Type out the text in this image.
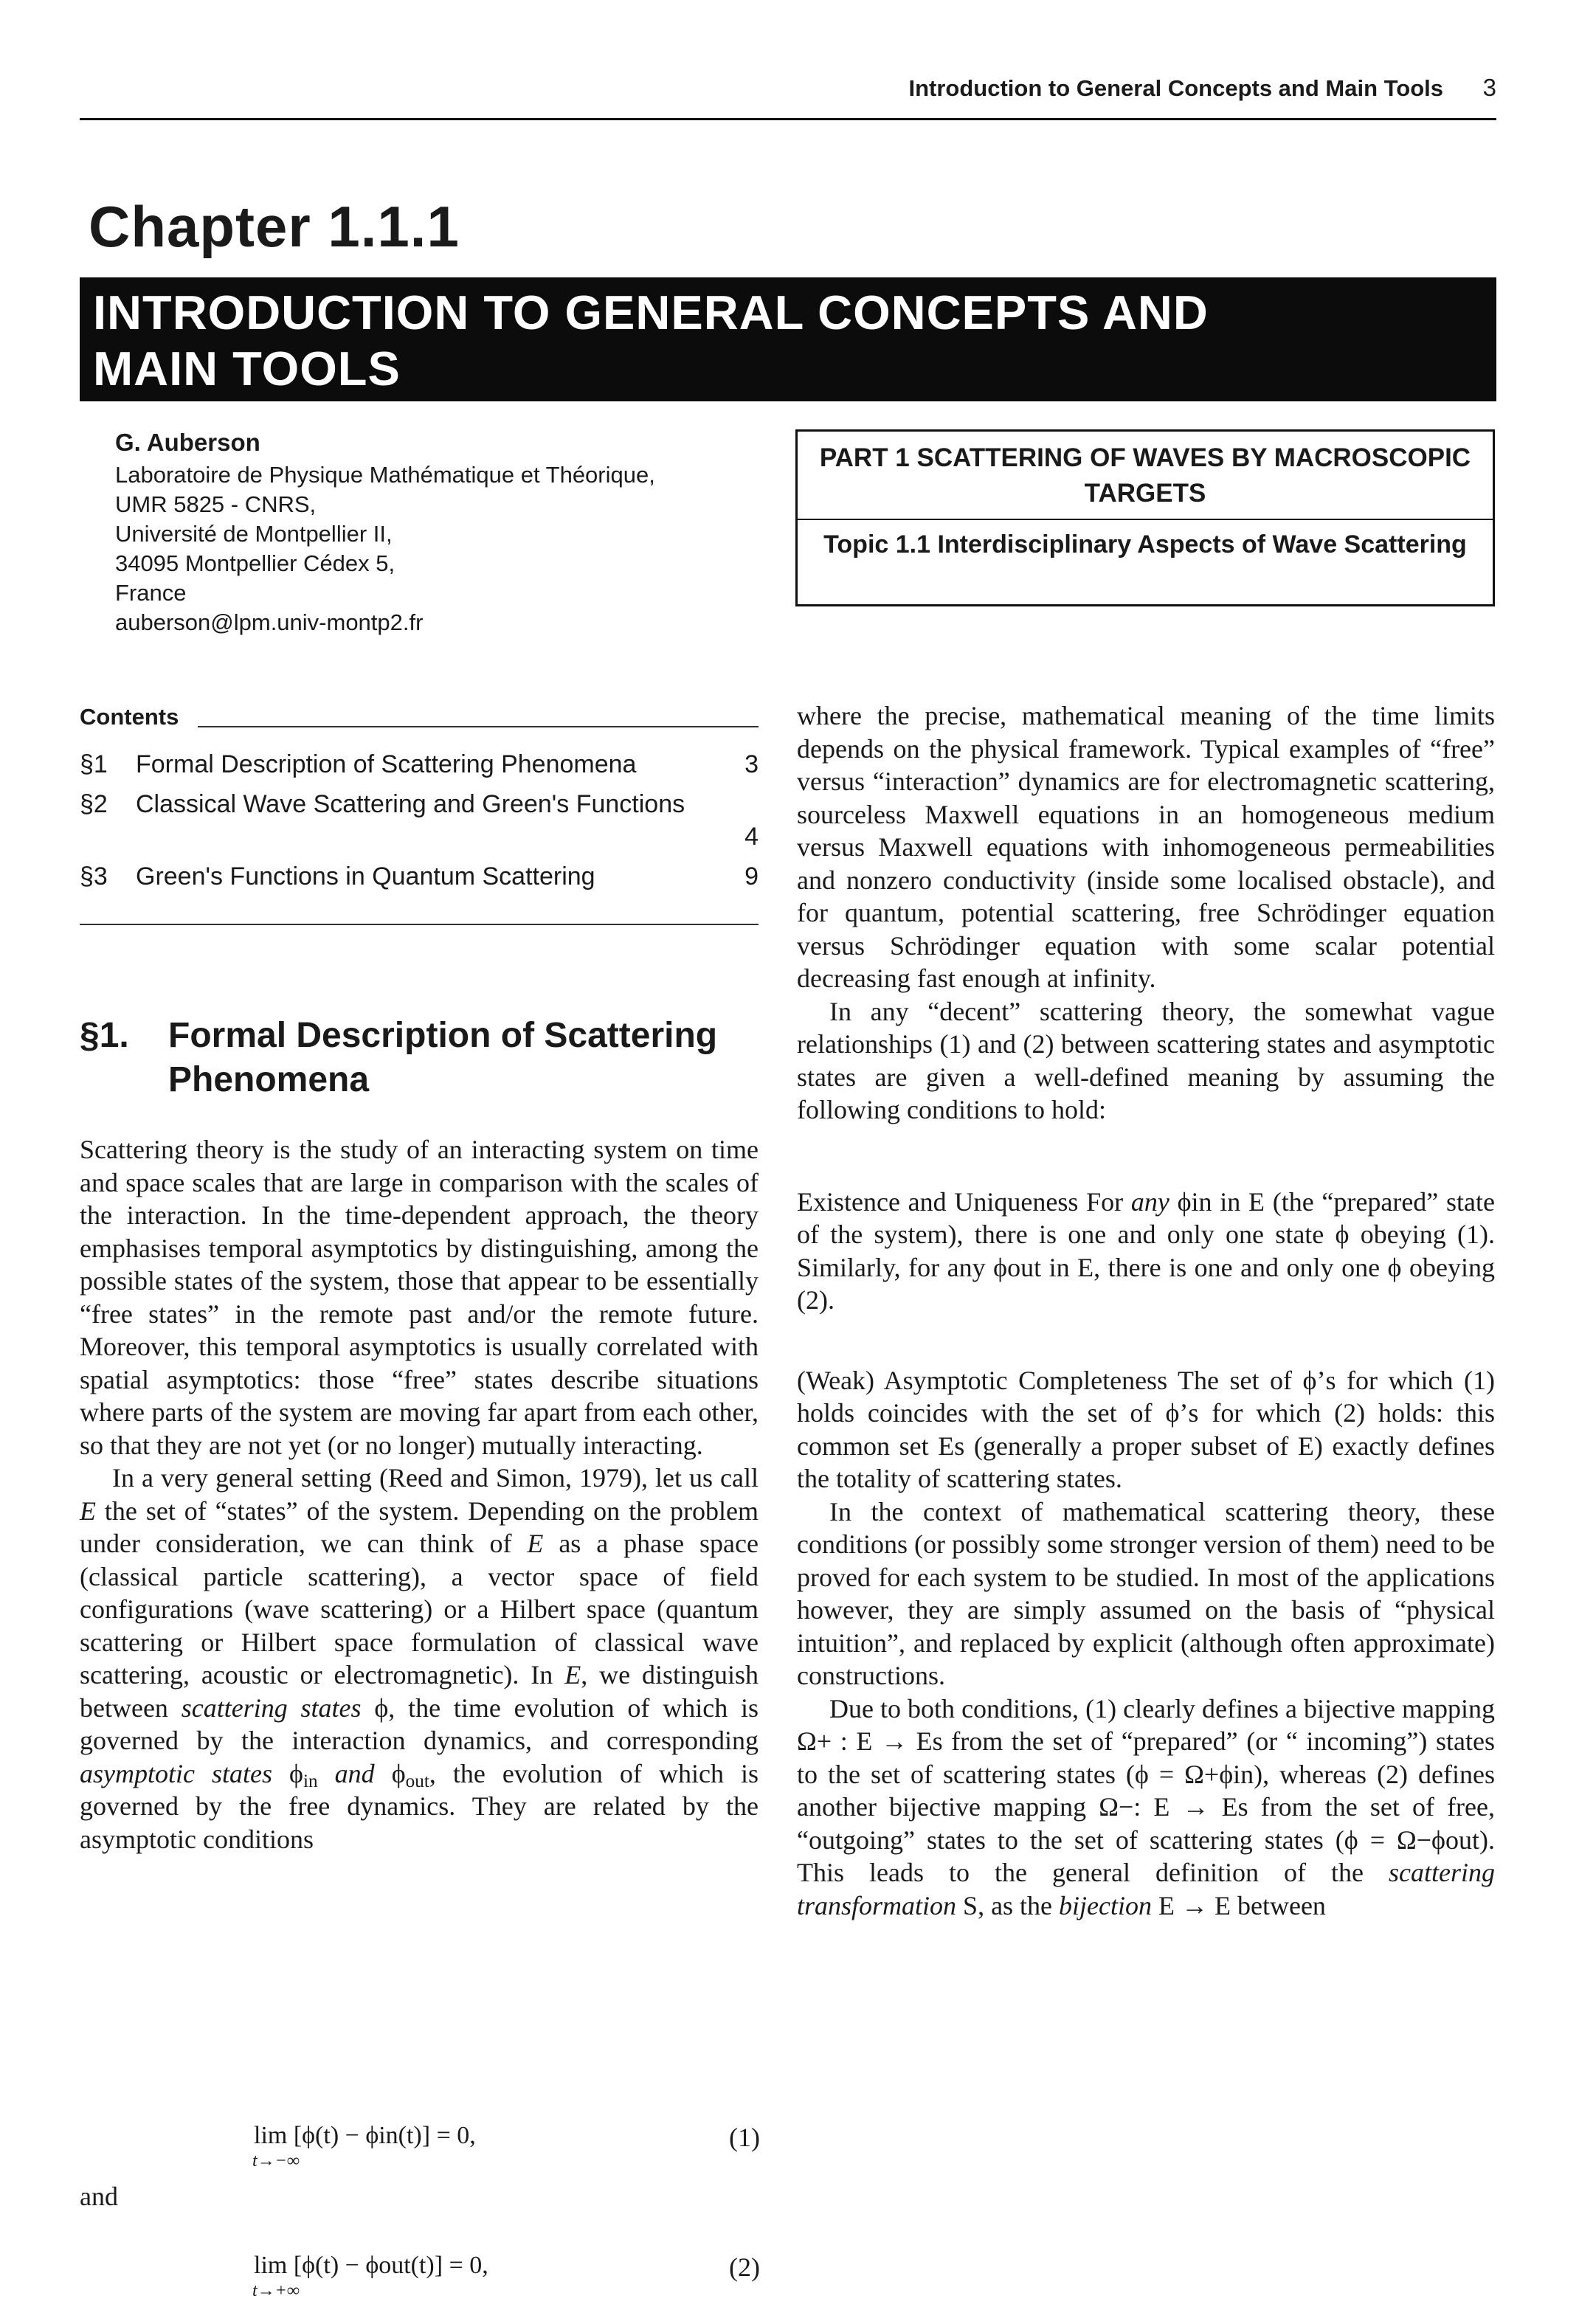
Introduction to General Concepts and Main Tools 3
Chapter 1.1.1
INTRODUCTION TO GENERAL CONCEPTS AND
MAIN TOOLS
G. Auberson
Laboratoire de Physique Mathématique et Théorique,
UMR 5825 - CNRS,
Université de Montpellier II,
34095 Montpellier Cédex 5,
France
auberson@lpm.univ-montp2.fr
PART 1 SCATTERING OF WAVES BY MACROSCOPIC TARGETS
Topic 1.1 Interdisciplinary Aspects of Wave Scattering
Contents
§1 Formal Description of Scattering Phenomena	3
§2 Classical Wave Scattering and Green's Functions
4
§3 Green's Functions in Quantum Scattering	9
§1. Formal Description of Scattering Phenomena

Scattering theory is the study of an interacting system on time and space scales that are large in comparison with the scales of the interaction. In the time-dependent approach, the theory emphasises temporal asymptotics by distinguishing, among the possible states of the system, those that appear to be essentially “free states” in the remote past and/or the remote future. Moreover, this temporal asymptotics is usually correlated with spatial asymptotics: those “free” states describe situations where parts of the system are moving far apart from each other, so that they are not yet (or no longer) mutually interacting.

In a very general setting (Reed and Simon, 1979), let us call E the set of “states” of the system. Depending on the problem under consideration, we can think of E as a phase space (classical particle scattering), a vector space of field configurations (wave scattering) or a Hilbert space (quantum scattering or Hilbert space formulation of classical wave scattering, acoustic or electromagnetic). In E, we distinguish between scattering states ϕ, the time evolution of which is governed by the interaction dynamics, and corresponding asymptotic states $\phi_{in}$ and $\phi_{out}$, the evolution of which is governed by the free dynamics. They are related by the asymptotic conditions

lim [ϕ(t) − ϕin(t)] = 0,
t→−∞
(1)
and
lim [ϕ(t) − ϕout(t)] = 0,
t→+∞
(2)

where the precise, mathematical meaning of the time limits depends on the physical framework. Typical examples of “free” versus “interaction” dynamics are for electromagnetic scattering, sourceless Maxwell equations in an homogeneous medium versus Maxwell equations with inhomogeneous permeabilities and nonzero conductivity (inside some localised obstacle), and for quantum, potential scattering, free Schrödinger equation versus Schrödinger equation with some scalar potential decreasing fast enough at infinity.

In any “decent” scattering theory, the somewhat vague relationships (1) and (2) between scattering states and asymptotic states are given a well-defined meaning by assuming the following conditions to hold:

Existence and Uniqueness For any ϕin in E (the “prepared” state of the system), there is one and only one state ϕ obeying (1). Similarly, for any ϕout in E, there is one and only one ϕ obeying (2).

(Weak) Asymptotic Completeness The set of ϕ’s for which (1) holds coincides with the set of ϕ’s for which (2) holds: this common set Es (generally a proper subset of E) exactly defines the totality of scattering states.

In the context of mathematical scattering theory, these conditions (or possibly some stronger version of them) need to be proved for each system to be studied. In most of the applications however, they are simply assumed on the basis of “physical intuition”, and replaced by explicit (although often approximate) constructions.

Due to both conditions, (1) clearly defines a bijective mapping Ω+ : E → Es from the set of “prepared” (or “ incoming”) states to the set of scattering states (ϕ = Ω+ϕin), whereas (2) defines another bijective mapping Ω−: E → Es from the set of free, “outgoing” states to the set of scattering states (ϕ = Ω−ϕout). This leads to the general definition of the scattering transformation S, as the bijection E → E between
